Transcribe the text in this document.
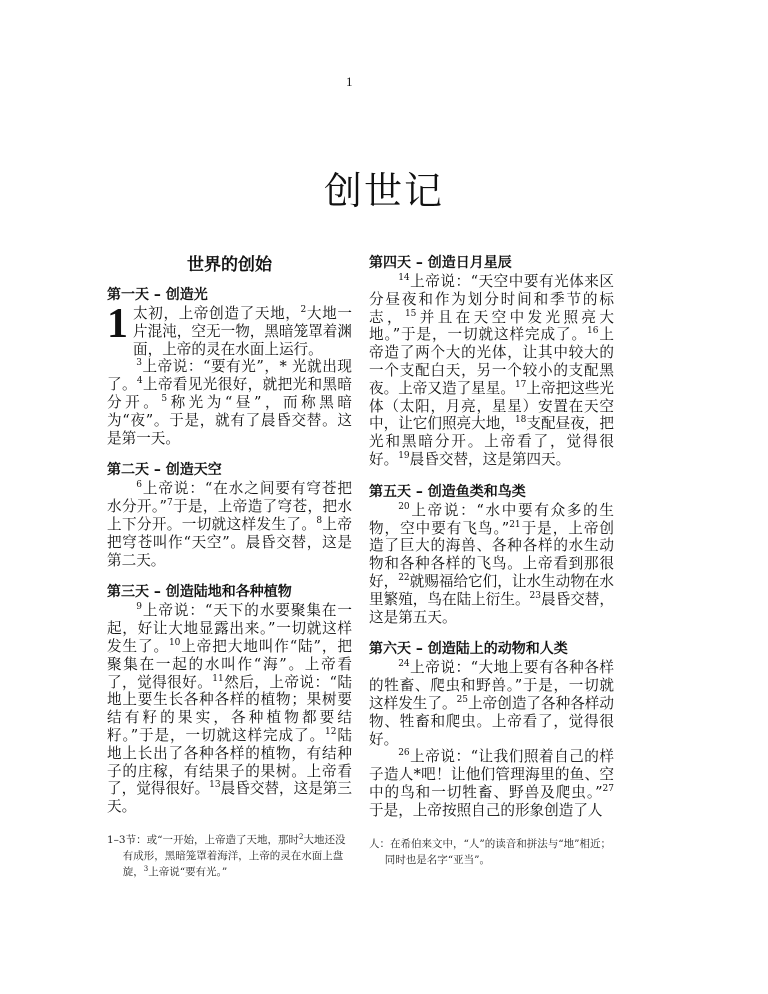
1
创世记
世界的创始
第一天 – 创造光

1 太初，上帝创造了天地，$^2$大地一片混沌，空无一物，黑暗笼罩着渊面，上帝的灵在水面上运行。

$^3$上帝说：“要有光”，* 光就出现了。$^4$上帝看见光很好，就把光和黑暗分开。$^5$称光为“昼”，而称黑暗为“夜”。于是，就有了晨昏交替。这是第一天。

第二天 – 创造天空

$^6$上帝说：“在水之间要有穹苍把水分开。”$^7$于是，上帝造了穹苍，把水上下分开。一切就这样发生了。$^8$上帝把穹苍叫作“天空”。晨昏交替，这是第二天。

第三天 – 创造陆地和各种植物

$^9$上帝说：“天下的水要聚集在一起，好让大地显露出来。”一切就这样发生了。$^{10}$上帝把大地叫作“陆”，把聚集在一起的水叫作“海”。上帝看了，觉得很好。$^{11}$然后，上帝说：“陆地上要生长各种各样的植物；果树要结有籽的果实，各种植物都要结籽。”于是，一切就这样完成了。$^{12}$陆地上长出了各种各样的植物，有结种子的庄稼，有结果子的果树。上帝看了，觉得很好。$^{13}$晨昏交替，这是第三天。

1–3节：或“一开始，上帝造了天地，那时$^2$大地还没有成形，黑暗笼罩着海洋，上帝的灵在水面上盘旋，$^3$上帝说“要有光。”
第四天 – 创造日月星辰

$^{14}$上帝说：“天空中要有光体来区分昼夜和作为划分时间和季节的标志，$^{15}$并且在天空中发光照亮大地。”于是，一切就这样完成了。$^{16}$上帝造了两个大的光体，让其中较大的一个支配白天，另一个较小的支配黑夜。上帝又造了星星。$^{17}$上帝把这些光体（太阳，月亮，星星）安置在天空中，让它们照亮大地，$^{18}$支配昼夜，把光和黑暗分开。上帝看了，觉得很好。$^{19}$晨昏交替，这是第四天。

第五天 – 创造鱼类和鸟类

$^{20}$上帝说：“水中要有众多的生物，空中要有飞鸟。”$^{21}$于是，上帝创造了巨大的海兽、各种各样的水生动物和各种各样的飞鸟。上帝看到那很好，$^{22}$就赐福给它们，让水生动物在水里繁殖，鸟在陆上衍生。$^{23}$晨昏交替，这是第五天。

第六天 – 创造陆上的动物和人类

$^{24}$上帝说：“大地上要有各种各样的牲畜、爬虫和野兽。”于是，一切就这样发生了。$^{25}$上帝创造了各种各样动物、牲畜和爬虫。上帝看了，觉得很好。

$^{26}$上帝说：“让我们照着自己的样子造人*吧！让他们管理海里的鱼、空中的鸟和一切牲畜、野兽及爬虫。”$^{27}$于是，上帝按照自己的形象创造了人

人：在希伯来文中，“人”的读音和拼法与“地”相近；同时也是名字“亚当”。
